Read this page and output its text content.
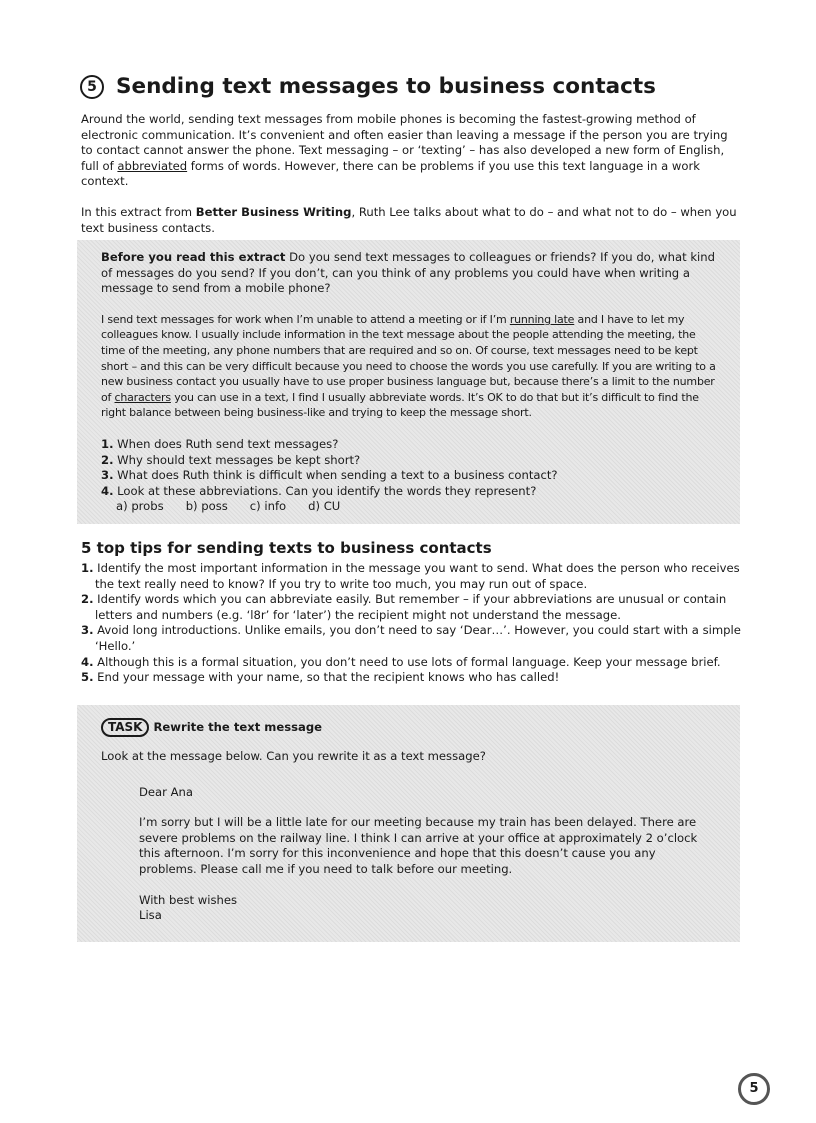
5 Sending text messages to business contacts

Around the world, sending text messages from mobile phones is becoming the fastest-growing method of electronic communication. It’s convenient and often easier than leaving a message if the person you are trying to contact cannot answer the phone. Text messaging – or ‘texting’ – has also developed a new form of English, full of abbreviated forms of words. However, there can be problems if you use this text language in a work context.

In this extract from Better Business Writing, Ruth Lee talks about what to do – and what not to do – when you text business contacts.

Before you read this extract Do you send text messages to colleagues or friends? If you do, what kind of messages do you send? If you don’t, can you think of any problems you could have when writing a message to send from a mobile phone?

I send text messages for work when I’m unable to attend a meeting or if I’m running late and I have to let my colleagues know. I usually include information in the text message about the people attending the meeting, the time of the meeting, any phone numbers that are required and so on. Of course, text messages need to be kept short – and this can be very difficult because you need to choose the words you use carefully. If you are writing to a new business contact you usually have to use proper business language but, because there’s a limit to the number of characters you can use in a text, I find I usually abbreviate words. It’s OK to do that but it’s difficult to find the right balance between being business-like and trying to keep the message short.

1. When does Ruth send text messages?
2. Why should text messages be kept short?
3. What does Ruth think is difficult when sending a text to a business contact?
4. Look at these abbreviations. Can you identify the words they represent?
a) probs b) poss c) info d) CU
5 top tips for sending texts to business contacts
1. Identify the most important information in the message you want to send. What does the person who receives the text really need to know? If you try to write too much, you may run out of space.
2. Identify words which you can abbreviate easily. But remember – if your abbreviations are unusual or contain letters and numbers (e.g. ‘l8r’ for ‘later’) the recipient might not understand the message.
3. Avoid long introductions. Unlike emails, you don’t need to say ‘Dear…’. However, you could start with a simple ‘Hello.’
4. Although this is a formal situation, you don’t need to use lots of formal language. Keep your message brief.
5. End your message with your name, so that the recipient knows who has called!

TASK Rewrite the text message

Look at the message below. Can you rewrite it as a text message?

Dear Ana

I’m sorry but I will be a little late for our meeting because my train has been delayed. There are severe problems on the railway line. I think I can arrive at your office at approximately 2 o’clock this afternoon. I’m sorry for this inconvenience and hope that this doesn’t cause you any problems. Please call me if you need to talk before our meeting.

With best wishes

Lisa

5
